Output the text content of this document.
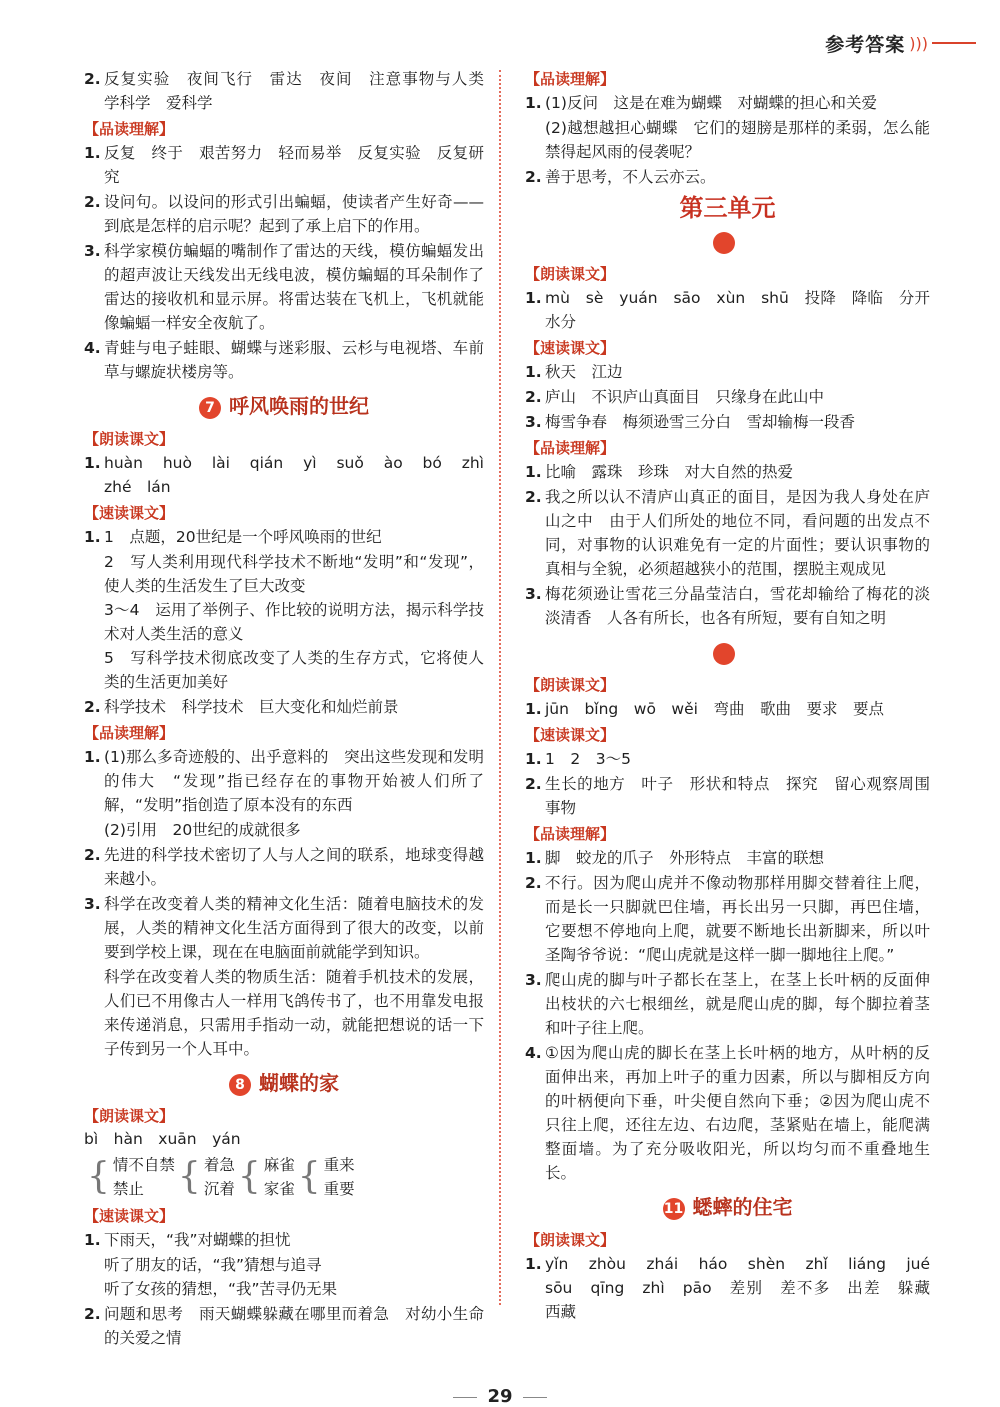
参考答案 )))
2. 反复实验　夜间飞行　雷达　夜间　注意事物与人类　学科学　爱科学
【品读理解】
1. 反复　终于　艰苦努力　轻而易举　反复实验　反复研究
2. 设问句。以设问的形式引出蝙蝠，使读者产生好奇——到底是怎样的启示呢？起到了承上启下的作用。
3. 科学家模仿蝙蝠的嘴制作了雷达的天线，模仿蝙蝠发出的超声波让天线发出无线电波，模仿蝙蝠的耳朵制作了雷达的接收机和显示屏。将雷达装在飞机上，飞机就能像蝙蝠一样安全夜航了。
4. 青蛙与电子蛙眼、蝴蝶与迷彩服、云杉与电视塔、车前草与螺旋状楼房等。
7 呼风唤雨的世纪
【朗读课文】
1. huàn　huò　lài　qián　yì　suǒ　ào　bó　zhì　zhé　lán
【速读课文】
1. 1　点题，20世纪是一个呼风唤雨的世纪
2　写人类利用现代科学技术不断地“发明”和“发现”，使人类的生活发生了巨大改变
3～4　运用了举例子、作比较的说明方法，揭示科学技术对人类生活的意义
5　写科学技术彻底改变了人类的生存方式，它将使人类的生活更加美好
2. 科学技术　科学技术　巨大变化和灿烂前景
【品读理解】
1. (1)那么多奇迹般的、出乎意料的　突出这些发现和发明的伟大　“发现”指已经存在的事物开始被人们所了解，“发明”指创造了原本没有的东西
(2)引用　20世纪的成就很多
2. 先进的科学技术密切了人与人之间的联系，地球变得越来越小。
3. 科学在改变着人类的精神文化生活：随着电脑技术的发展，人类的精神文化生活方面得到了很大的改变，以前要到学校上课，现在在电脑面前就能学到知识。
科学在改变着人类的物质生活：随着手机技术的发展，人们已不用像古人一样用飞鸽传书了，也不用靠发电报来传递消息，只需用手指动一动，就能把想说的话一下子传到另一个人耳中。
8 蝴蝶的家
【朗读课文】
bì　hàn　xuān　yán
{ 情不自禁
禁止 { 着急
沉着 { 麻雀
家雀 { 重来
重要
【速读课文】
1. 下雨天，“我”对蝴蝶的担忧
听了朋友的话，“我”猜想与追寻
听了女孩的猜想，“我”苦寻仍无果
2. 问题和思考　雨天蝴蝶躲藏在哪里而着急　对幼小生命的关爱之情
【品读理解】
1. (1)反问　这是在难为蝴蝶　对蝴蝶的担心和关爱
(2)越想越担心蝴蝶　它们的翅膀是那样的柔弱，怎么能禁得起风雨的侵袭呢？
2. 善于思考，不人云亦云。
第三单元
【朗读课文】
1. mù　sè　yuán　sāo　xùn　shū　投降　降临　分开　水分
【速读课文】
1. 秋天　江边
2. 庐山　不识庐山真面目　只缘身在此山中
3. 梅雪争春　梅须逊雪三分白　雪却输梅一段香
【品读理解】
1. 比喻　露珠　珍珠　对大自然的热爱
2. 我之所以认不清庐山真正的面目，是因为我人身处在庐山之中　由于人们所处的地位不同，看问题的出发点不同，对事物的认识难免有一定的片面性；要认识事物的真相与全貌，必须超越狭小的范围，摆脱主观成见
3. 梅花须逊让雪花三分晶莹洁白，雪花却输给了梅花的淡淡清香　人各有所长，也各有所短，要有自知之明
【朗读课文】
1. jūn　bǐng　wō　wěi　弯曲　歌曲　要求　要点
【速读课文】
1. 1　2　3～5
2. 生长的地方　叶子　形状和特点　探究　留心观察周围事物
【品读理解】
1. 脚　蛟龙的爪子　外形特点　丰富的联想
2. 不行。因为爬山虎并不像动物那样用脚交替着往上爬，而是长一只脚就巴住墙，再长出另一只脚，再巴住墙，它要想不停地向上爬，就要不断地长出新脚来，所以叶圣陶爷爷说：“爬山虎就是这样一脚一脚地往上爬。”
3. 爬山虎的脚与叶子都长在茎上，在茎上长叶柄的反面伸出枝状的六七根细丝，就是爬山虎的脚，每个脚拉着茎和叶子往上爬。
4. ①因为爬山虎的脚长在茎上长叶柄的地方，从叶柄的反面伸出来，再加上叶子的重力因素，所以与脚相反方向的叶柄便向下垂，叶尖便自然向下垂；②因为爬山虎不只往上爬，还往左边、右边爬，茎紧贴在墙上，能爬满整面墙。为了充分吸收阳光，所以均匀而不重叠地生长。
11 蟋蟀的住宅
【朗读课文】
1. yǐn　zhòu　zhái　háo　shèn　zhǐ　liáng　jué　sōu　qīng　zhì　pāo　差别　差不多　出差　躲藏　西藏
29
